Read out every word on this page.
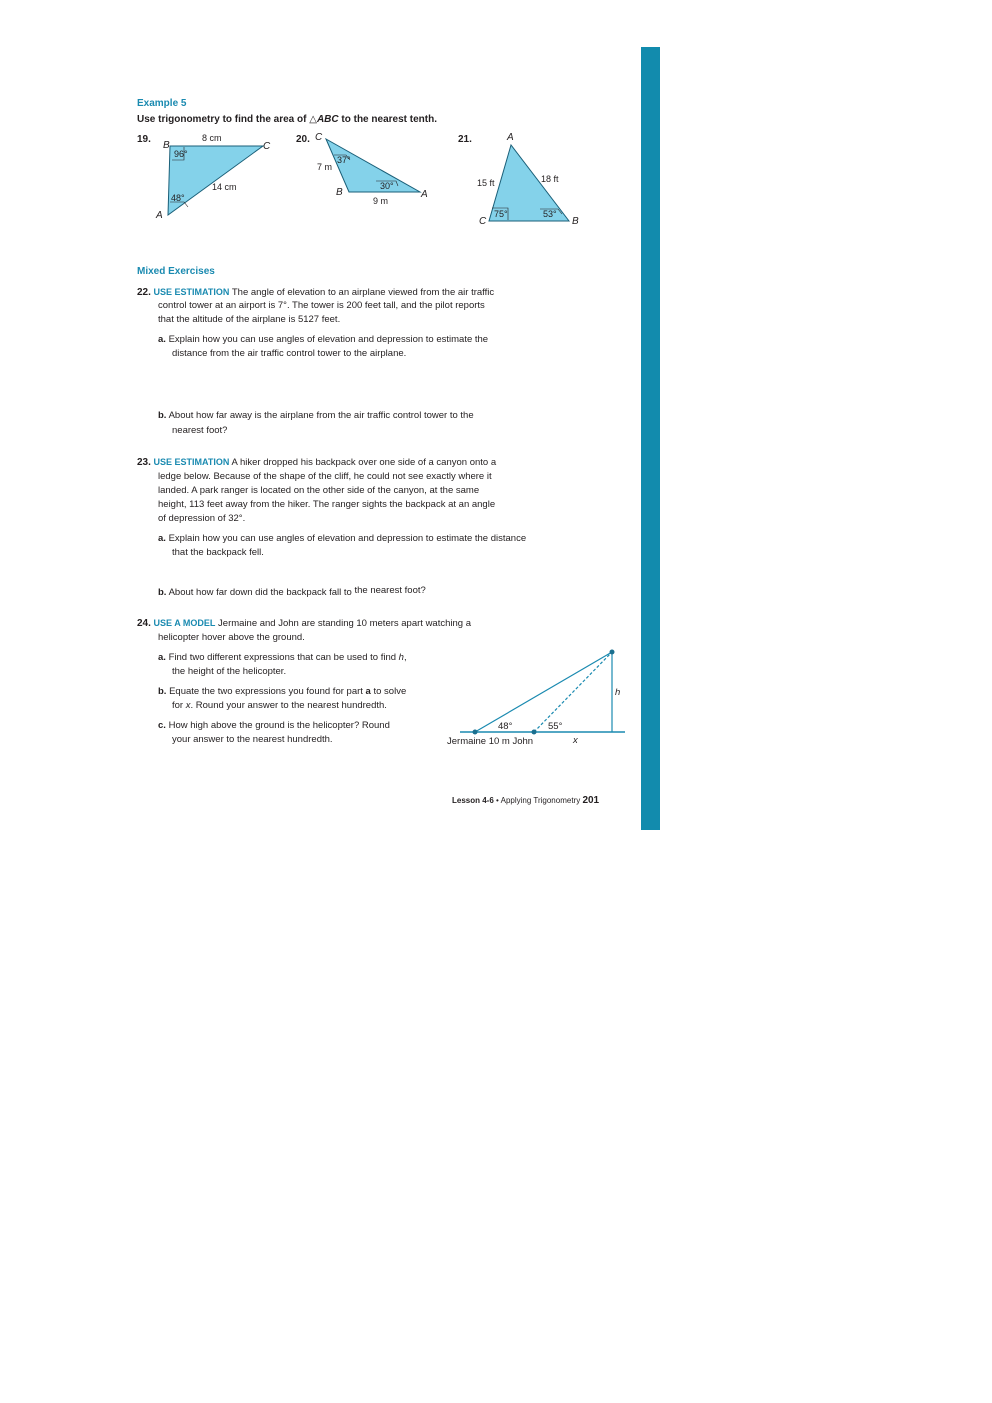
Example 5
Use trigonometry to find the area of △ABC to the nearest tenth.
19.
B	C
A
8 cm
14 cm
96°
48°
20. C
B	A
7 m
9 m
37°
30°
21.	A
C	B
15 ft	18 ft
75°	53°
Mixed Exercises
22. USE ESTIMATION The angle of elevation to an airplane viewed from the air traffic
control tower at an airport is 7°. The tower is 200 feet tall, and the pilot reports
that the altitude of the airplane is 5127 feet.
a. Explain how you can use angles of elevation and depression to estimate the
distance from the air traffic control tower to the airplane.
b. About how far away is the airplane from the air traffic control tower to the
nearest foot?
23. USE ESTIMATION A hiker dropped his backpack over one side of a canyon onto a
ledge below. Because of the shape of the cliff, he could not see exactly where it
landed. A park ranger is located on the other side of the canyon, at the same
height, 113 feet away from the hiker. The ranger sights the backpack at an angle
of depression of 32°.
a. Explain how you can use angles of elevation and depression to estimate the distance
that the backpack fell.
b. About how far down did the backpack fall to the nearest foot?
24. USE A MODEL Jermaine and John are standing 10 meters apart watching a
helicopter hover above the ground.
a. Find two different expressions that can be used to find h,
the height of the helicopter.
b. Equate the two expressions you found for part a to solve
for x. Round your answer to the nearest hundredth.
c. How high above the ground is the helicopter? Round
your answer to the nearest hundredth.
48°	55°
h
x
Jermaine 10 m John
Lesson 4-6 • Applying Trigonometry 201
